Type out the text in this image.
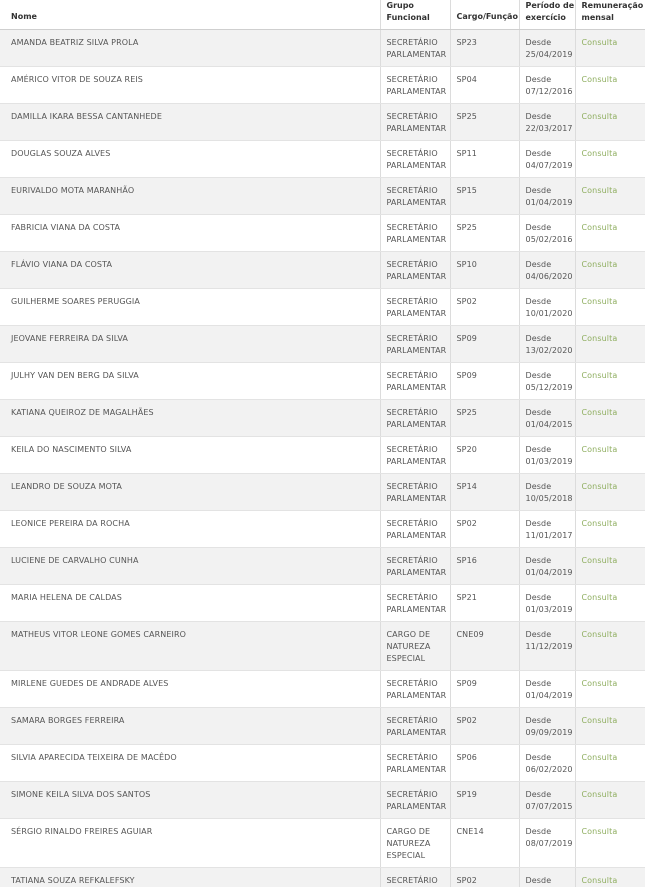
Nome	Grupo
Funcional	Cargo/Função	Período de
exercício	Remuneração
mensal

AMANDA BEATRIZ SILVA PROLA	SECRETÁRIO
PARLAMENTAR	SP23	Desde
25/04/2019	Consulta
AMÉRICO VITOR DE SOUZA REIS	SECRETÁRIO
PARLAMENTAR	SP04	Desde
07/12/2016	Consulta
DAMILLA IKARA BESSA CANTANHEDE	SECRETÁRIO
PARLAMENTAR	SP25	Desde
22/03/2017	Consulta
DOUGLAS SOUZA ALVES	SECRETÁRIO
PARLAMENTAR	SP11	Desde
04/07/2019	Consulta
EURIVALDO MOTA MARANHÃO	SECRETÁRIO
PARLAMENTAR	SP15	Desde
01/04/2019	Consulta
FABRICIA VIANA DA COSTA	SECRETÁRIO
PARLAMENTAR	SP25	Desde
05/02/2016	Consulta
FLÁVIO VIANA DA COSTA	SECRETÁRIO
PARLAMENTAR	SP10	Desde
04/06/2020	Consulta
GUILHERME SOARES PERUGGIA	SECRETÁRIO
PARLAMENTAR	SP02	Desde
10/01/2020	Consulta
JEOVANE FERREIRA DA SILVA	SECRETÁRIO
PARLAMENTAR	SP09	Desde
13/02/2020	Consulta
JULHY VAN DEN BERG DA SILVA	SECRETÁRIO
PARLAMENTAR	SP09	Desde
05/12/2019	Consulta
KATIANA QUEIROZ DE MAGALHÃES	SECRETÁRIO
PARLAMENTAR	SP25	Desde
01/04/2015	Consulta
KEILA DO NASCIMENTO SILVA	SECRETÁRIO
PARLAMENTAR	SP20	Desde
01/03/2019	Consulta
LEANDRO DE SOUZA MOTA	SECRETÁRIO
PARLAMENTAR	SP14	Desde
10/05/2018	Consulta
LEONICE PEREIRA DA ROCHA	SECRETÁRIO
PARLAMENTAR	SP02	Desde
11/01/2017	Consulta
LUCIENE DE CARVALHO CUNHA	SECRETÁRIO
PARLAMENTAR	SP16	Desde
01/04/2019	Consulta
MARIA HELENA DE CALDAS	SECRETÁRIO
PARLAMENTAR	SP21	Desde
01/03/2019	Consulta
MATHEUS VITOR LEONE GOMES CARNEIRO	CARGO DE
NATUREZA
ESPECIAL	CNE09	Desde
11/12/2019	Consulta
MIRLENE GUEDES DE ANDRADE ALVES	SECRETÁRIO
PARLAMENTAR	SP09	Desde
01/04/2019	Consulta
SAMARA BORGES FERREIRA	SECRETÁRIO
PARLAMENTAR	SP02	Desde
09/09/2019	Consulta
SILVIA APARECIDA TEIXEIRA DE MACÊDO	SECRETÁRIO
PARLAMENTAR	SP06	Desde
06/02/2020	Consulta
SIMONE KEILA SILVA DOS SANTOS	SECRETÁRIO
PARLAMENTAR	SP19	Desde
07/07/2015	Consulta
SÉRGIO RINALDO FREIRES AGUIAR	CARGO DE
NATUREZA
ESPECIAL	CNE14	Desde
08/07/2019	Consulta
TATIANA SOUZA REFKALEFSKY	SECRETÁRIO	SP02	Desde	Consulta
